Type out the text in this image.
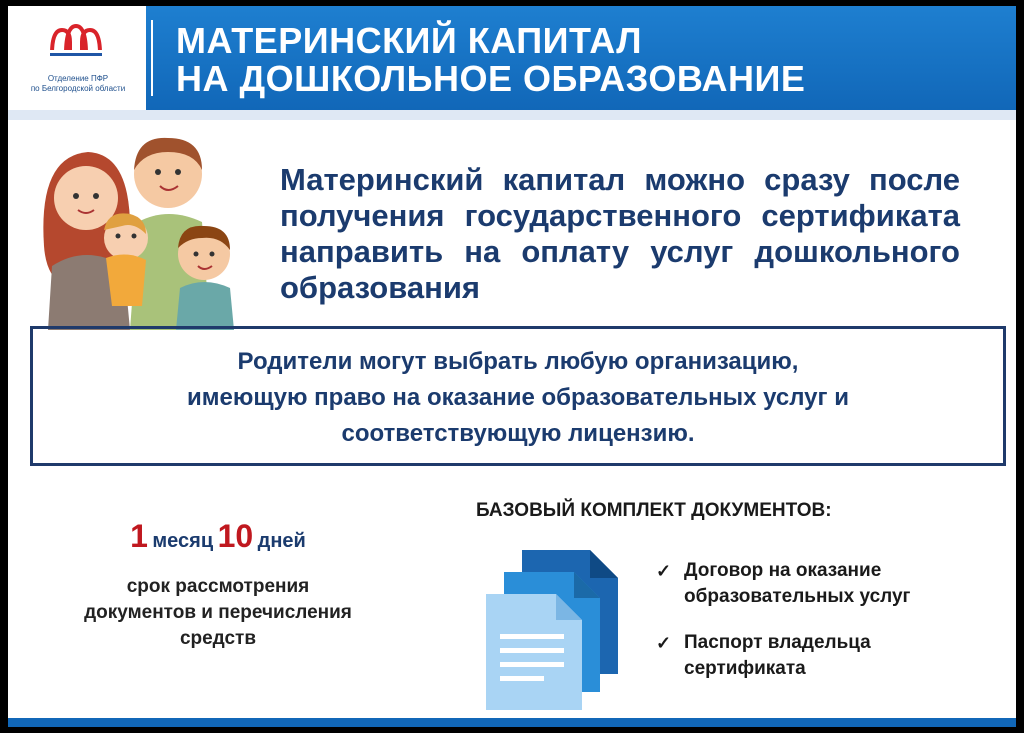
Отделение ПФР
по Белгородской области
МАТЕРИНСКИЙ КАПИТАЛ
НА ДОШКОЛЬНОЕ ОБРАЗОВАНИЕ
Материнский капитал можно сразу после получения государственного сертификата направить на оплату услуг дошкольного образования
Родители могут выбрать любую организацию,
имеющую право на оказание образовательных услуг и
соответствующую лицензию.
1 месяц 10 дней
срок рассмотрения
документов и перечисления
средств
БАЗОВЫЙ КОМПЛЕКТ ДОКУМЕНТОВ:
✓ Договор на оказание
образовательных услуг
✓ Паспорт владельца
сертификата
